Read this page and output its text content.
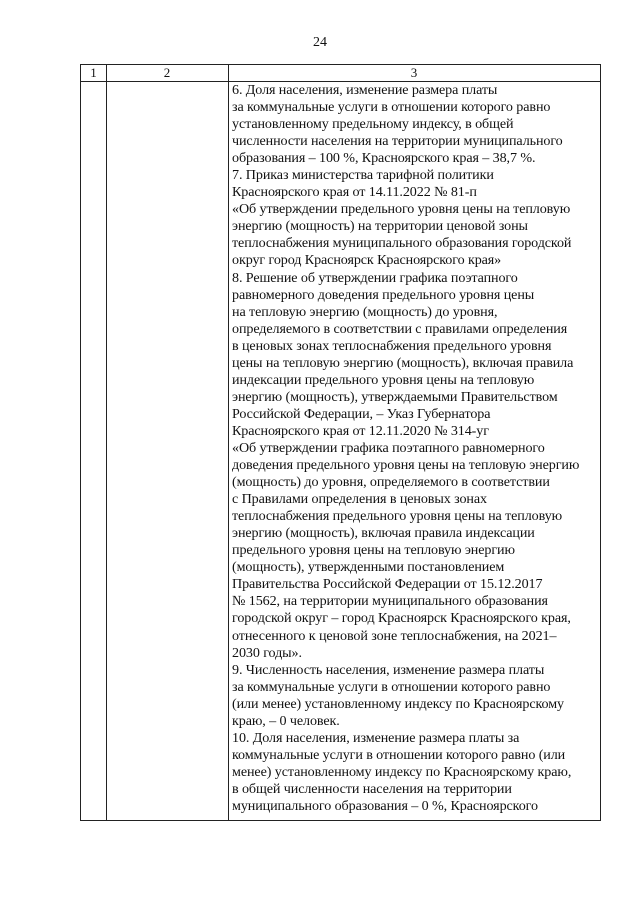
24
1	2	3
6. Доля населения, изменение размера платы
за коммунальные услуги в отношении которого равно
установленному предельному индексу, в общей
численности населения на территории муниципального
образования – 100 %, Красноярского края – 38,7 %.
7. Приказ министерства тарифной политики
Красноярского края от 14.11.2022 № 81-п
«Об утверждении предельного уровня цены на тепловую
энергию (мощность) на территории ценовой зоны
теплоснабжения муниципального образования городской
округ город Красноярск Красноярского края»
8. Решение об утверждении графика поэтапного
равномерного доведения предельного уровня цены
на тепловую энергию (мощность) до уровня,
определяемого в соответствии с правилами определения
в ценовых зонах теплоснабжения предельного уровня
цены на тепловую энергию (мощность), включая правила
индексации предельного уровня цены на тепловую
энергию (мощность), утверждаемыми Правительством
Российской Федерации, – Указ Губернатора
Красноярского края от 12.11.2020 № 314-уг
«Об утверждении графика поэтапного равномерного
доведения предельного уровня цены на тепловую энергию
(мощность) до уровня, определяемого в соответствии
с Правилами определения в ценовых зонах
теплоснабжения предельного уровня цены на тепловую
энергию (мощность), включая правила индексации
предельного уровня цены на тепловую энергию
(мощность), утвержденными постановлением
Правительства Российской Федерации от 15.12.2017
№ 1562, на территории муниципального образования
городской округ – город Красноярск Красноярского края,
отнесенного к ценовой зоне теплоснабжения, на 2021–
2030 годы».
9. Численность населения, изменение размера платы
за коммунальные услуги в отношении которого равно
(или менее) установленному индексу по Красноярскому
краю, – 0 человек.
10. Доля населения, изменение размера платы за
коммунальные услуги в отношении которого равно (или
менее) установленному индексу по Красноярскому краю,
в общей численности населения на территории
муниципального образования – 0 %, Красноярского
